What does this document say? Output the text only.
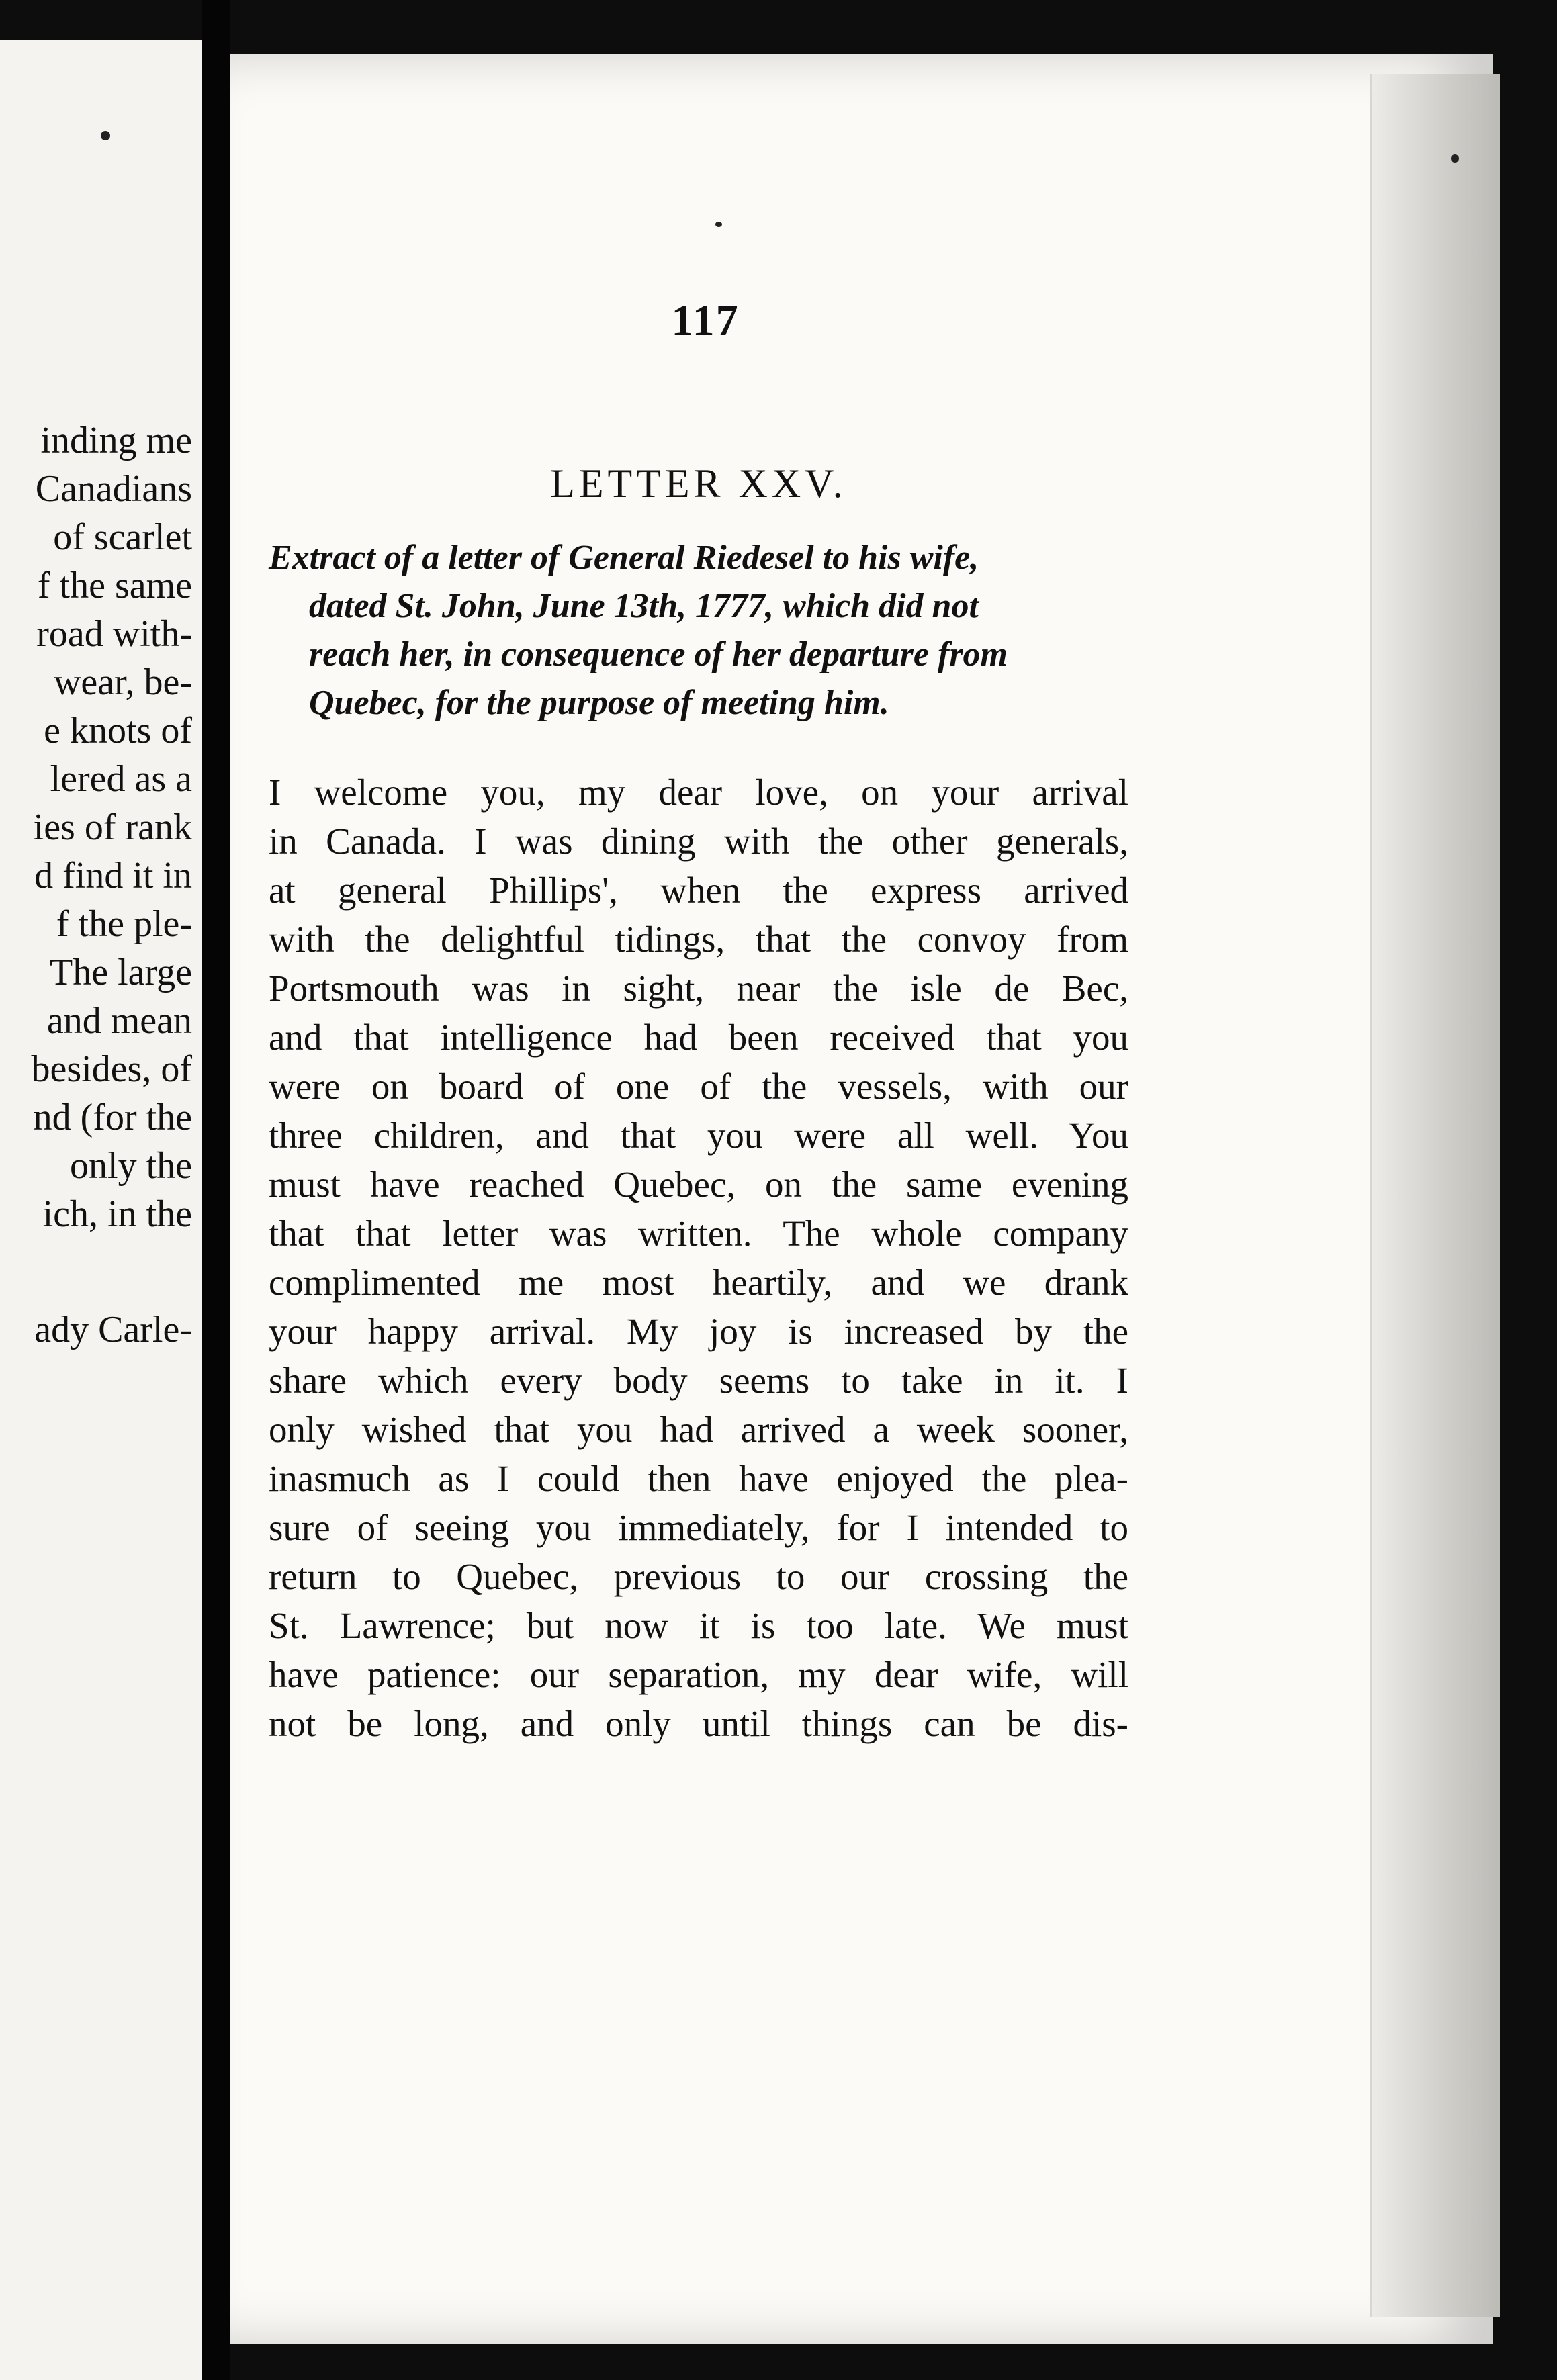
inding me
Canadians
of scarlet
f the same
road with-
wear, be-
e knots of
lered as a
ies of rank
d find it in
f the ple-
The large
and mean
besides, of
nd (for the
only the
ich, in the
ady Carle-
117
LETTER XXV.
Extract of a letter of General Riedesel to his wife,
dated St. John, June 13th, 1777, which did not
reach her, in consequence of her departure from
Quebec, for the purpose of meeting him.
I welcome you, my dear love, on your arrival
in Canada. I was dining with the other generals,
at general Phillips', when the express arrived
with the delightful tidings, that the convoy from
Portsmouth was in sight, near the isle de Bec,
and that intelligence had been received that you
were on board of one of the vessels, with our
three children, and that you were all well. You
must have reached Quebec, on the same evening
that that letter was written. The whole company
complimented me most heartily, and we drank
your happy arrival. My joy is increased by the
share which every body seems to take in it. I
only wished that you had arrived a week sooner,
inasmuch as I could then have enjoyed the plea-
sure of seeing you immediately, for I intended to
return to Quebec, previous to our crossing the
St. Lawrence; but now it is too late. We must
have patience: our separation, my dear wife, will
not be long, and only until things can be dis-
